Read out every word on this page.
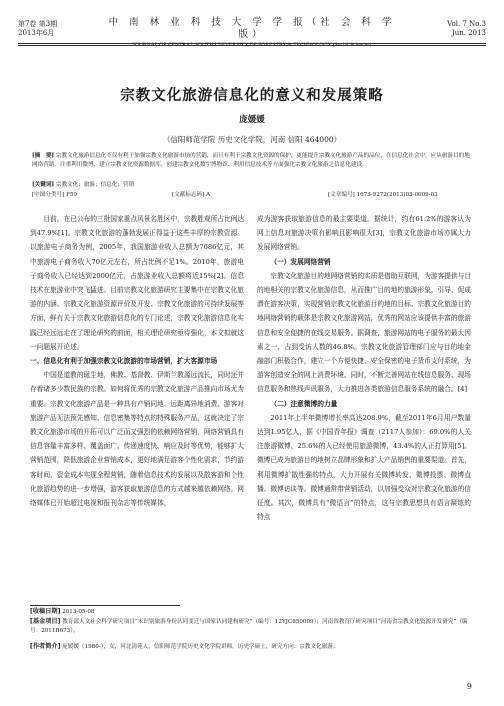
第7卷 第3期
2013年6月
中 南 林 业 科 技 大 学 学 报（社 会 科 学 版）
JOURNAL OF CENTRAL SOUTH UNIVERSITY OF FORESTRY & TECHNOLOGY (Social Sciences)
Vol. 7 No.3
Jun. 2013
宗教文化旅游信息化的意义和发展策略
庞媛媛
（信阳师范学院 历史文化学院，河南 信阳 464000）
[摘　要] 宗教文化旅游信息化不仅有利于加强宗教文化旅游市场的营销，而且有利于宗教文化资源的保护、更能提升宗教文化旅游产品的品位、在信息化社会中，应从旅游目的地网络营销、注重利用微博、建立宗教文化资源数据库、创建宗教文化数字博物馆、利用信息技术等方面强化宗教文化旅游之信息化建设。
[关键词] 宗教文化；旅游；信息化；营销
[中图分类号] F59	[文献标志码] A	[文章编号] 1673-9272(2013)03-0009-03

目前，在已公布的三批国家重点风景名胜区中，宗教胜观所占比例达到47.9%[1]。宗教文化旅游的蓬勃发展正得益于这些丰厚的宗教资源。以旅游电子商务为例，2005年，我国旅游业收入总额为7686亿元，其中旅游电子商务收入70亿元左右，所占比例不足1%。2010年，旅游电子商务收入已经达到2000亿元，占旅游业收入总额将近15%[2]。信息技术在旅游业中突飞猛进。目前宗教文化旅游研究主要集中在宗教文化旅游的内涵、宗教文化旅游资源评价及开发、宗教文化旅游的可持续发展等方面，鲜有关于宗教文化旅游信息化的专门论述，宗教文化旅游信息化实践已经远远走在了理论研究的前面，相关理论研究亟待强化，本文拟就这一问题展开论述。

一、信息化有利于加强宗教文化旅游的市场营销，扩大客源市场

中国是道教的诞生地，佛教、基督教、伊斯兰教源远流长，同时还并存着诸多少数民族的宗教。如何将优秀的宗教文化旅游产品推向市场尤为重要。宗教文化旅游产品是一种具有产销同地、远距离异地消费、游客对旅游产品无法预先感知、信息密集等特点的特殊服务产品，这就决定了宗教文化旅游市场的开拓可以广泛而又强烈的依赖网络营销，网络营销具有信息容量丰富多样、覆盖面广、传递速度快、响应及时等优势，能够扩大营销范围，降低旅游企业营销成本，更好地满足游客个性化需求，节约游客时间、资金成本实现全程营销，随着信息技术的发展以及散客游和个性化旅游趋势的进一步增强，游客获取旅游信息的方式越来越依赖网络。网络媒体已开始超过电视和报刊杂志等传统媒体，

成为游客获取旅游信息的最主要渠道。据统计，约有61.2%的游客认为网上信息对旅游决策有影响且影响很大[3]，宗教文化旅游市场亦属大力发展网络营销。

（一）发展网络营销

宗教文化旅游目的地网络营销的实质是借助互联网，为游客提供与目的地相关的宗教文化旅游信息，从而推广目的地的旅游形象，引导、促成潜在游客决策，实现营销宗教文化旅游目的地的目标。宗教文化旅游目的地网络营销的载体是宗教文化旅游网站，优秀的网站应该提供丰富的旅游信息和安全便捷的在线交易服务。据调查，旅游网站的电子服务的最大因素之一，占到受访人数的46.8%。宗教文化旅游管理部门应与目的地金融部门积极合作，建立一个方便快捷、安全保密的电子货币支付系统，为游客创造安全的网上消费环境。同时，不断完善网站在线信息服务、现场信息服务和热线声讯服务，大力推进各类旅游信息服务系统的融合。[4]

（二）注意微博的力量

2011年上半年微博增长率高达208.9%，截至2011年6月用户数量达到1.95亿人，据《中国青年报》调查（2117人参加）：69.0%的人关注旅游微博，25.6%的人已经使用旅游微博，43.4%的人正打算用[5]。微博已成为旅游目的地树立品牌形象和扩大产品销售的重要渠道。首先，利用微博扩散性强的特点，大力开展有关微博转发、微博投票、微博直播、微博访谈等。微博通常带营销活动，以加强受众对宗教文化旅游的信任度。其次，微博具有“微语言”的特点，这与宗教思想具有语言凝练的特点

[收稿日期] 2013-05-08
[基金项目] 教育部人文社会科学研究项目“未识别旅游身份认同变迁与国家认同建构研究”（编号：12YJC850009）；河南省教育厅研究项目“河南省宗教文化资源开发研究”（编号：2011B673）。
[作者简介] 庞媛媛（1980-），女，河北清苑人，信阳师范学院历史文化学院讲师，历史学硕士，研究方向：宗教文化旅游。
9
